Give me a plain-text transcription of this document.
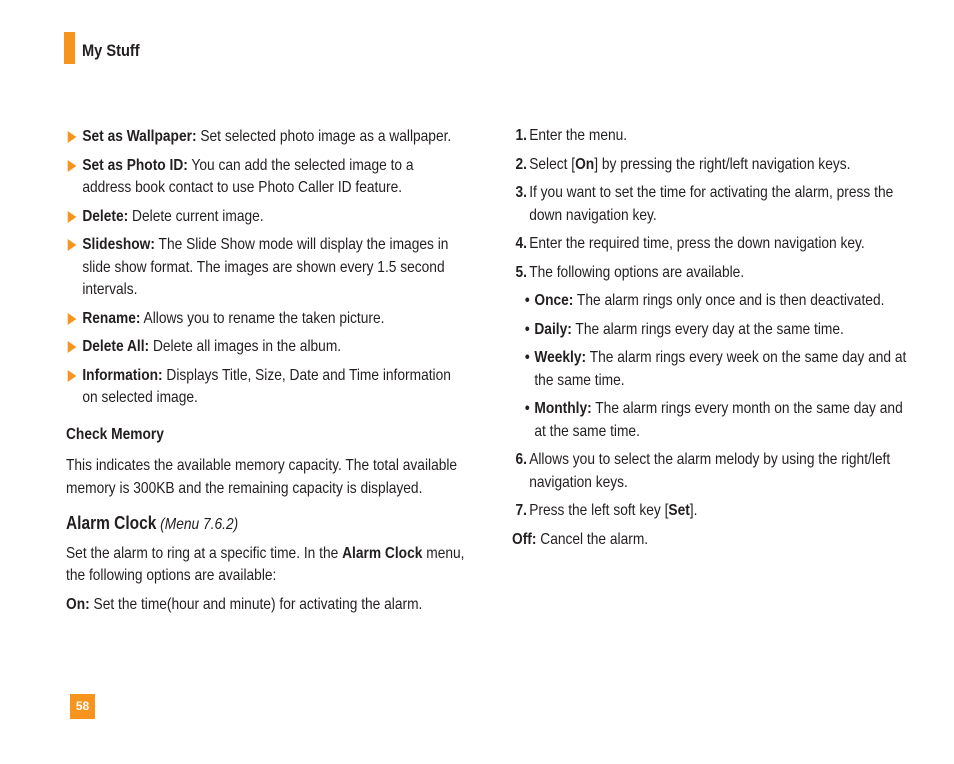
My Stuff
Set as Wallpaper: Set selected photo image as a wallpaper.
Set as Photo ID: You can add the selected image to a address book contact to use Photo Caller ID feature.
Delete: Delete current image.
Slideshow: The Slide Show mode will display the images in slide show format. The images are shown every 1.5 second intervals.
Rename: Allows you to rename the taken picture.
Delete All: Delete all images in the album.
Information: Displays Title, Size, Date and Time information on selected image.
Check Memory
This indicates the available memory capacity. The total available memory is 300KB and the remaining capacity is displayed.
Alarm Clock (Menu 7.6.2)
Set the alarm to ring at a specific time. In the Alarm Clock menu, the following options are available:
On: Set the time(hour and minute) for activating the alarm.
1. Enter the menu.
2. Select [On] by pressing the right/left navigation keys.
3. If you want to set the time for activating the alarm, press the down navigation key.
4. Enter the required time, press the down navigation key.
5. The following options are available.
• Once: The alarm rings only once and is then deactivated.
• Daily: The alarm rings every day at the same time.
• Weekly: The alarm rings every week on the same day and at the same time.
• Monthly: The alarm rings every month on the same day and at the same time.
6. Allows you to select the alarm melody by using the right/left navigation keys.
7. Press the left soft key [Set].
Off: Cancel the alarm.
58
